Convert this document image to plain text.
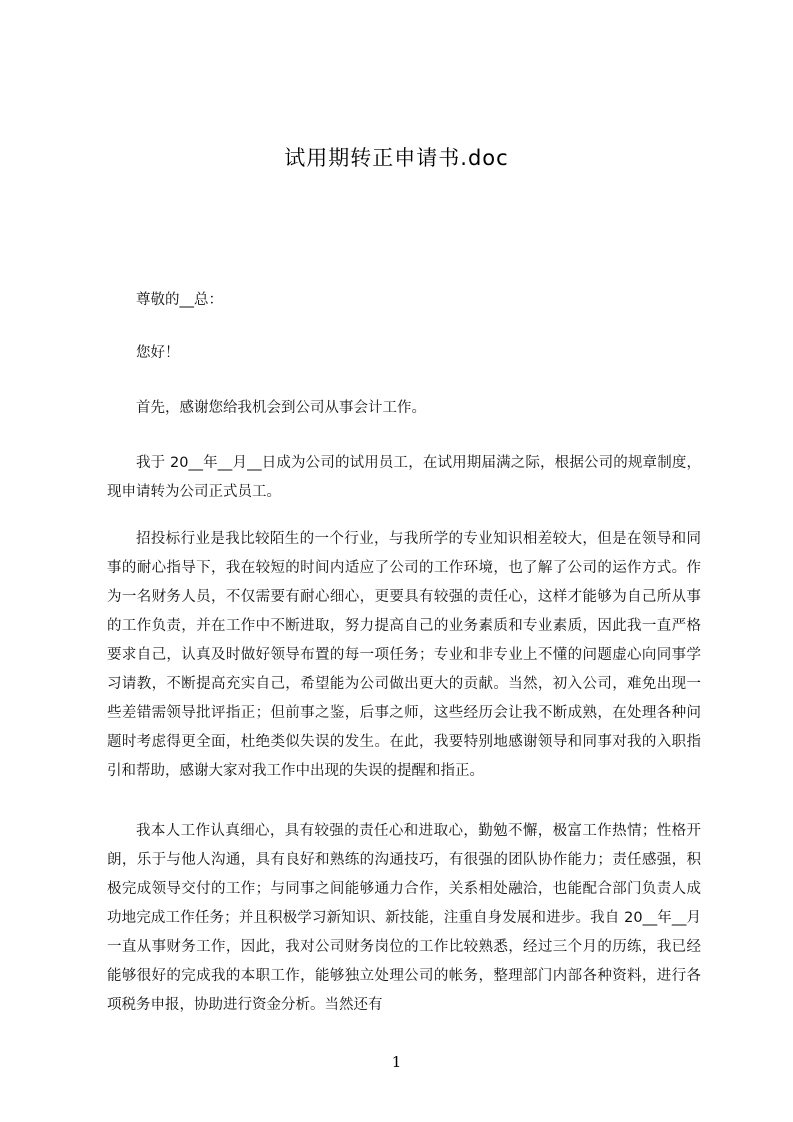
试用期转正申请书.doc
尊敬的__总：
您好！
首先，感谢您给我机会到公司从事会计工作。
我于 20__年__月__日成为公司的试用员工，在试用期届满之际，根据公司的规章制度，现申请转为公司正式员工。
招投标行业是我比较陌生的一个行业，与我所学的专业知识相差较大，但是在领导和同事的耐心指导下，我在较短的时间内适应了公司的工作环境，也了解了公司的运作方式。作为一名财务人员，不仅需要有耐心细心，更要具有较强的责任心，这样才能够为自己所从事的工作负责，并在工作中不断进取，努力提高自己的业务素质和专业素质，因此我一直严格要求自己，认真及时做好领导布置的每一项任务；专业和非专业上不懂的问题虚心向同事学习请教，不断提高充实自己，希望能为公司做出更大的贡献。当然，初入公司，难免出现一些差错需领导批评指正；但前事之鉴，后事之师，这些经历会让我不断成熟，在处理各种问题时考虑得更全面，杜绝类似失误的发生。在此，我要特别地感谢领导和同事对我的入职指引和帮助，感谢大家对我工作中出现的失误的提醒和指正。
我本人工作认真细心，具有较强的责任心和进取心，勤勉不懈，极富工作热情；性格开朗，乐于与他人沟通，具有良好和熟练的沟通技巧，有很强的团队协作能力；责任感强，积极完成领导交付的工作；与同事之间能够通力合作，关系相处融洽，也能配合部门负责人成功地完成工作任务；并且积极学习新知识、新技能，注重自身发展和进步。我自 20__年__月一直从事财务工作，因此，我对公司财务岗位的工作比较熟悉，经过三个月的历练，我已经能够很好的完成我的本职工作，能够独立处理公司的帐务，整理部门内部各种资料，进行各项税务申报，协助进行资金分析。当然还有
1
